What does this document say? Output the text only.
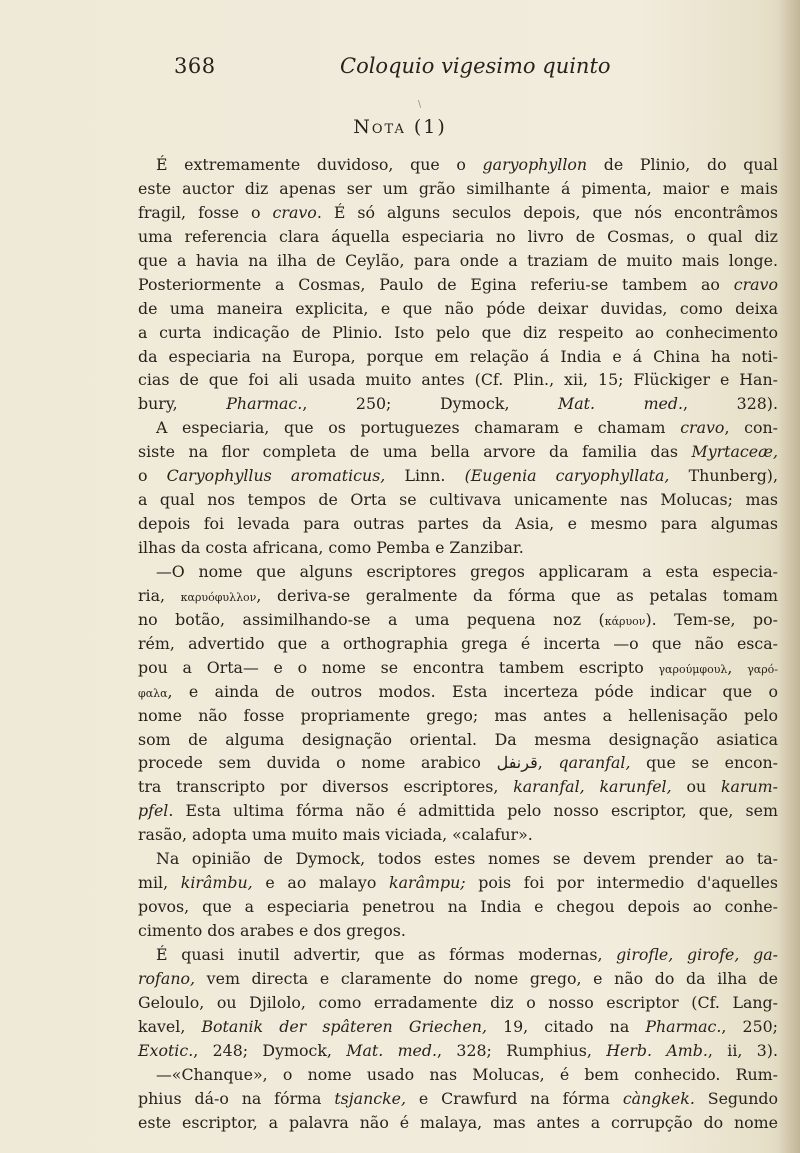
368	Coloquio vigesimo quinto
\
Nota (1)
É extremamente duvidoso, que o garyophyllon de Plinio, do qual
este auctor diz apenas ser um grão similhante á pimenta, maior e mais
fragil, fosse o cravo. É só alguns seculos depois, que nós encontrâmos
uma referencia clara áquella especiaria no livro de Cosmas, o qual diz
que a havia na ilha de Ceylão, para onde a traziam de muito mais longe.
Posteriormente a Cosmas, Paulo de Egina referiu-se tambem ao cravo
de uma maneira explicita, e que não póde deixar duvidas, como deixa
a curta indicação de Plinio. Isto pelo que diz respeito ao conhecimento
da especiaria na Europa, porque em relação á India e á China ha noti-
cias de que foi ali usada muito antes (Cf. Plin., xii, 15; Flückiger e Han-
bury, Pharmac., 250; Dymock, Mat. med., 328).
A especiaria, que os portuguezes chamaram e chamam cravo, con-
siste na flor completa de uma bella arvore da familia das Myrtaceæ,
o Caryophyllus aromaticus, Linn. (Eugenia caryophyllata, Thunberg),
a qual nos tempos de Orta se cultivava unicamente nas Molucas; mas
depois foi levada para outras partes da Asia, e mesmo para algumas
ilhas da costa africana, como Pemba e Zanzibar.
—O nome que alguns escriptores gregos applicaram a esta especia-
ria, καρυόφυλλον, deriva-se geralmente da fórma que as petalas tomam
no botão, assimilhando-se a uma pequena noz (κάρυον). Tem-se, po-
rém, advertido que a orthographia grega é incerta —o que não esca-
pou a Orta— e o nome se encontra tambem escripto γαρούμφουλ, γαρό-
φαλα, e ainda de outros modos. Esta incerteza póde indicar que o
nome não fosse propriamente grego; mas antes a hellenisação pelo
som de alguma designação oriental. Da mesma designação asiatica
procede sem duvida o nome arabico قرنفل, qaranfal, que se encon-
tra transcripto por diversos escriptores, karanfal, karunfel, ou karum-
pfel. Esta ultima fórma não é admittida pelo nosso escriptor, que, sem
rasão, adopta uma muito mais viciada, «calafur».
Na opinião de Dymock, todos estes nomes se devem prender ao ta-
mil, kirâmbu, e ao malayo karâmpu; pois foi por intermedio d'aquelles
povos, que a especiaria penetrou na India e chegou depois ao conhe-
cimento dos arabes e dos gregos.
É quasi inutil advertir, que as fórmas modernas, girofle, girofe, ga-
rofano, vem directa e claramente do nome grego, e não do da ilha de
Geloulo, ou Djilolo, como erradamente diz o nosso escriptor (Cf. Lang-
kavel, Botanik der spâteren Griechen, 19, citado na Pharmac., 250;
Exotic., 248; Dymock, Mat. med., 328; Rumphius, Herb. Amb., ii, 3).
—«Chanque», o nome usado nas Molucas, é bem conhecido. Rum-
phius dá-o na fórma tsjancke, e Crawfurd na fórma càngkek. Segundo
este escriptor, a palavra não é malaya, mas antes a corrupção do nome
